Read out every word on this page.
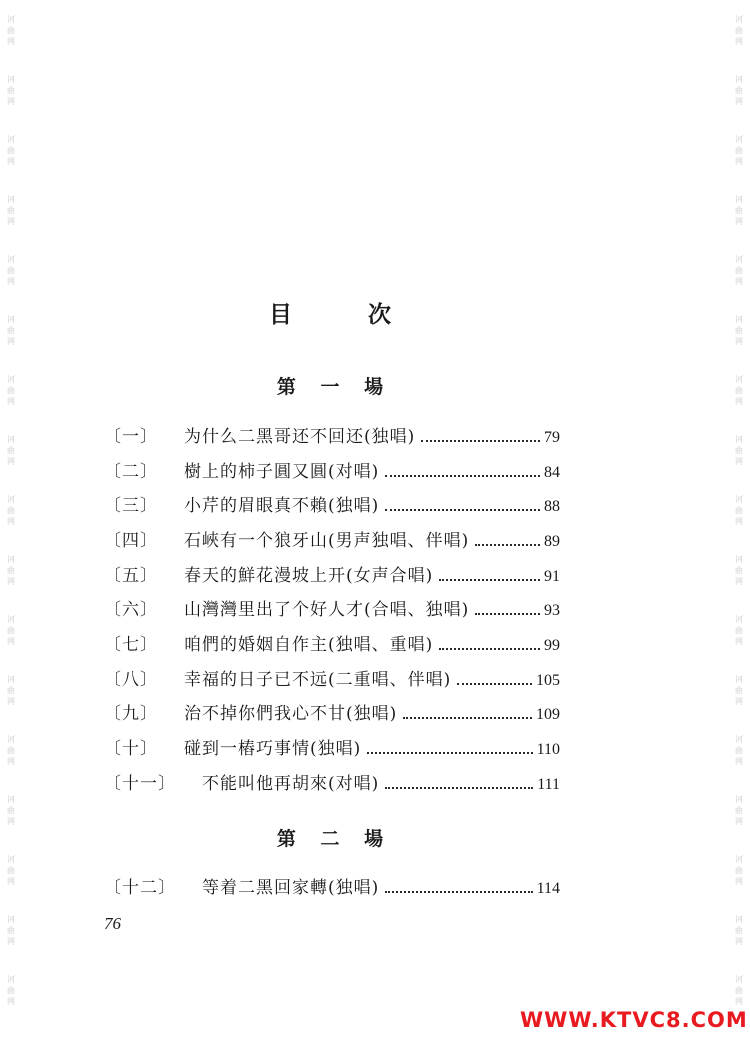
诃
曲
网
诃
曲
网
诃
曲
网
诃
曲
网
诃
曲
网
诃
曲
网
诃
曲
网
诃
曲
网
诃
曲
网
诃
曲
网
诃
曲
网
诃
曲
网
诃
曲
网
诃
曲
网
诃
曲
网
诃
曲
网
诃
曲
网
诃
曲
网
诃
曲
网
诃
曲
网
诃
曲
网
诃
曲
网
诃
曲
网
诃
曲
网
诃
曲
网
诃
曲
网
诃
曲
网
诃
曲
网
诃
曲
网
诃
曲
网
诃
曲
网
诃
曲
网
诃
曲
网
诃
曲
网
目 次
第 一 場
〔一〕 为什么二黑哥还不回还(独唱)	79
〔二〕 樹上的柿子圓又圓(对唱)	84
〔三〕 小芹的眉眼真不賴(独唱)	88
〔四〕 石峽有一个狼牙山(男声独唱、伴唱)	89
〔五〕 春天的鮮花漫坡上开(女声合唱)	91
〔六〕 山灣灣里出了个好人才(合唱、独唱)	93
〔七〕 咱們的婚姻自作主(独唱、重唱)	99
〔八〕 幸福的日子已不远(二重唱、伴唱)	105
〔九〕 治不掉你們我心不甘(独唱)	109
〔十〕 碰到一樁巧事情(独唱)	110
〔十一〕 不能叫他再胡來(对唱)	111
第 二 場
〔十二〕 等着二黑回家轉(独唱)	114
76
WWW.KTVC8.COM
